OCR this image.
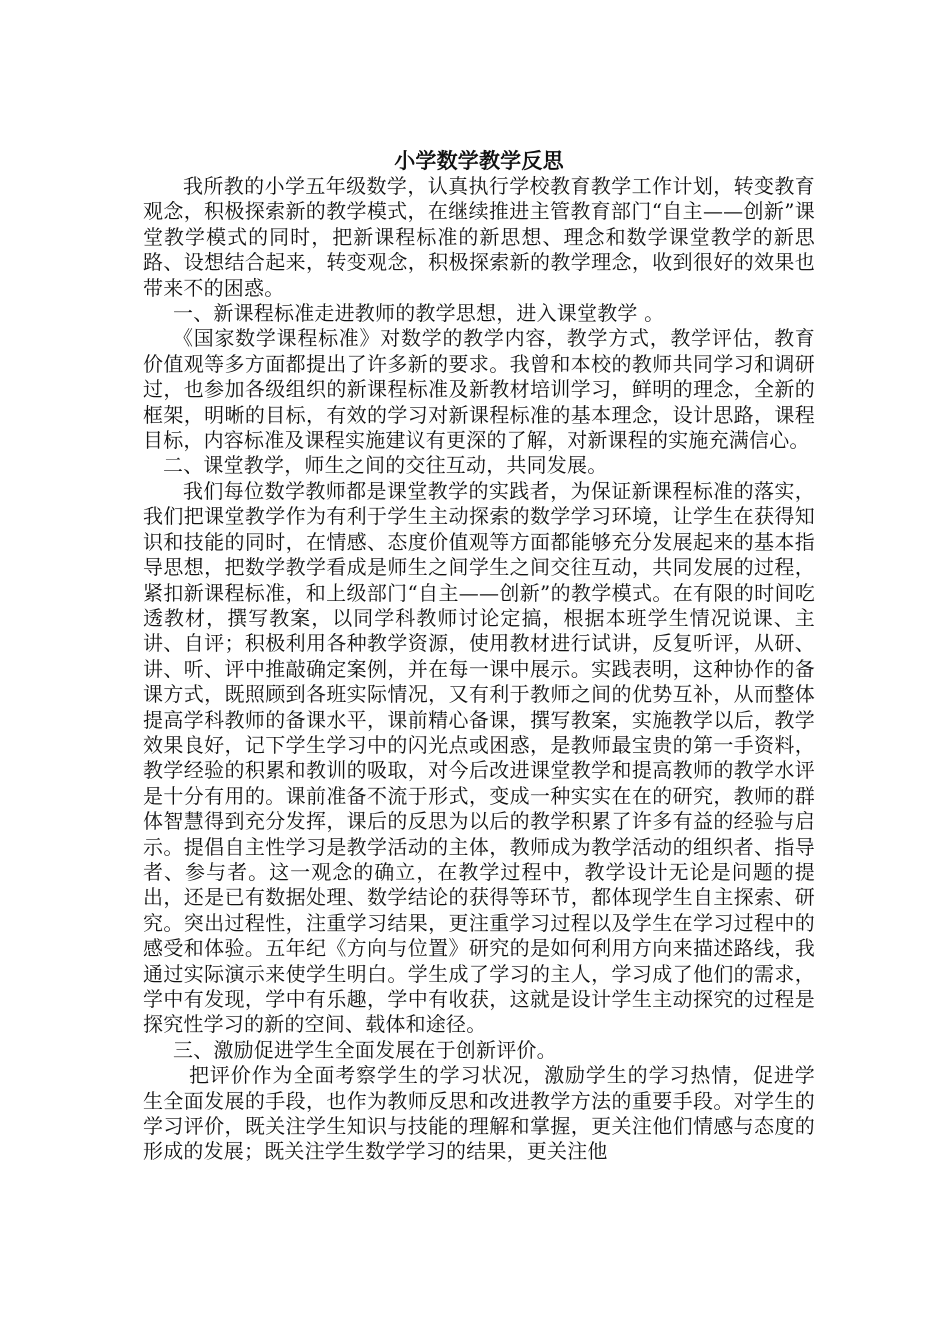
小学数学教学反思

我所教的小学五年级数学，认真执行学校教育教学工作计划，转变教育观念，积极探索新的教学模式，在继续推进主管教育部门“自主——创新”课堂教学模式的同时，把新课程标准的新思想、理念和数学课堂教学的新思路、设想结合起来，转变观念，积极探索新的教学理念，收到很好的效果也带来不的困惑。

一、新课程标准走进教师的教学思想，进入课堂教学 。

《国家数学课程标准》对数学的教学内容，教学方式，教学评估，教育价值观等多方面都提出了许多新的要求。我曾和本校的教师共同学习和调研过，也参加各级组织的新课程标准及新教材培训学习，鲜明的理念，全新的框架，明晰的目标，有效的学习对新课程标准的基本理念，设计思路，课程目标，内容标准及课程实施建议有更深的了解，对新课程的实施充满信心。

二、课堂教学，师生之间的交往互动，共同发展。

我们每位数学教师都是课堂教学的实践者，为保证新课程标准的落实，我们把课堂教学作为有利于学生主动探索的数学学习环境，让学生在获得知识和技能的同时，在情感、态度价值观等方面都能够充分发展起来的基本指导思想，把数学教学看成是师生之间学生之间交往互动，共同发展的过程，紧扣新课程标准，和上级部门“自主——创新”的教学模式。在有限的时间吃透教材，撰写教案，以同学科教师讨论定搞，根据本班学生情况说课、主讲、自评；积极利用各种教学资源，使用教材进行试讲，反复听评，从研、讲、听、评中推敲确定案例，并在每一课中展示。实践表明，这种协作的备课方式，既照顾到各班实际情况，又有利于教师之间的优势互补，从而整体提高学科教师的备课水平，课前精心备课，撰写教案，实施教学以后，教学效果良好，记下学生学习中的闪光点或困惑，是教师最宝贵的第一手资料，教学经验的积累和教训的吸取，对今后改进课堂教学和提高教师的教学水评是十分有用的。课前准备不流于形式，变成一种实实在在的研究，教师的群体智慧得到充分发挥，课后的反思为以后的教学积累了许多有益的经验与启示。提倡自主性学习是教学活动的主体，教师成为教学活动的组织者、指导者、参与者。这一观念的确立，在教学过程中，教学设计无论是问题的提出，还是已有数据处理、数学结论的获得等环节，都体现学生自主探索、研究。突出过程性，注重学习结果，更注重学习过程以及学生在学习过程中的感受和体验。五年纪《方向与位置》研究的是如何利用方向来描述路线，我通过实际演示来使学生明白。学生成了学习的主人，学习成了他们的需求，学中有发现，学中有乐趣，学中有收获，这就是设计学生主动探究的过程是探究性学习的新的空间、载体和途径。

三、激励促进学生全面发展在于创新评价。

把评价作为全面考察学生的学习状况，激励学生的学习热情，促进学生全面发展的手段，也作为教师反思和改进教学方法的重要手段。对学生的学习评价，既关注学生知识与技能的理解和掌握，更关注他们情感与态度的形成的发展；既关注学生数学学习的结果，更关注他
